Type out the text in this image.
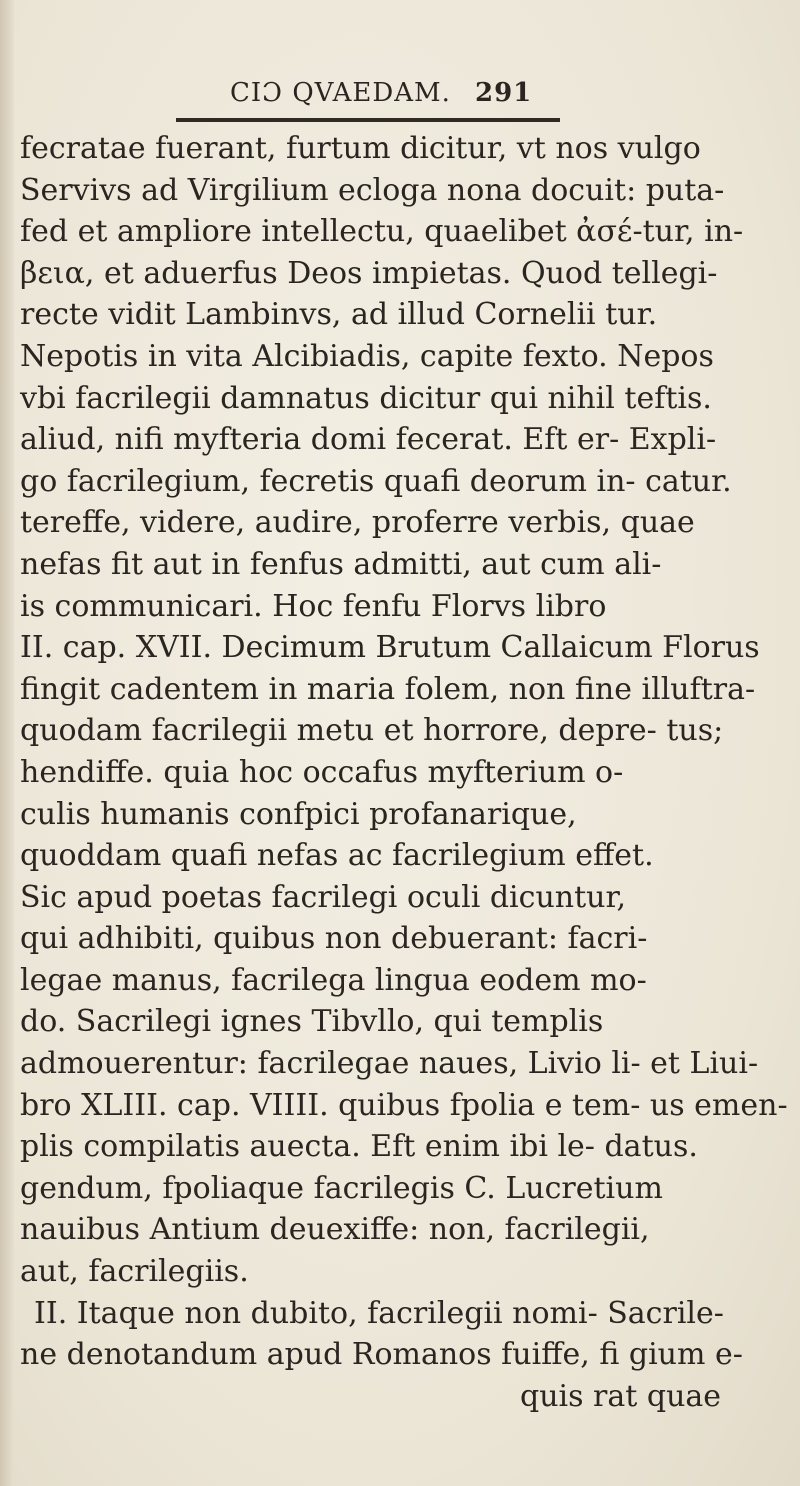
CIƆ QVAEDAM. 291
fecratae fuerant, furtum dicitur, vt nos vulgo
Servivs ad Virgilium ecloga nona docuit: puta-
fed et ampliore intellectu, quaelibet ἀσέ-tur, in-
βεια, et aduerfus Deos impietas. Quod tellegi-
recte vidit Lambinvs, ad illud Cornelii tur.
Nepotis in vita Alcibiadis, capite fexto. Nepos
vbi facrilegii damnatus dicitur qui nihil teftis.
aliud, nifi myfteria domi fecerat. Eft er- Expli-
go facrilegium, fecretis quafi deorum in- catur.
tereffe, videre, audire, proferre verbis, quae
nefas fit aut in fenfus admitti, aut cum ali-
is communicari. Hoc fenfu Florvs libro
II. cap. XVII. Decimum Brutum Callaicum Florus
fingit cadentem in maria folem, non fine illuftra-
quodam facrilegii metu et horrore, depre- tus;
hendiffe. quia hoc occafus myfterium o-
culis humanis confpici profanarique,
quoddam quafi nefas ac facrilegium effet.
Sic apud poetas facrilegi oculi dicuntur,
qui adhibiti, quibus non debuerant: facri-
legae manus, facrilega lingua eodem mo-
do. Sacrilegi ignes Tibvllo, qui templis
admouerentur: facrilegae naues, Livio li- et Liui-
bro XLIII. cap. VIIII. quibus fpolia e tem- us emen-
plis compilatis auecta. Eft enim ibi le- datus.
gendum, fpoliaque facrilegis C. Lucretium
nauibus Antium deuexiffe: non, facrilegii,
aut, facrilegiis.
II. Itaque non dubito, facrilegii nomi- Sacrile-
ne denotandum apud Romanos fuiffe, fi gium e-
quis rat quae
